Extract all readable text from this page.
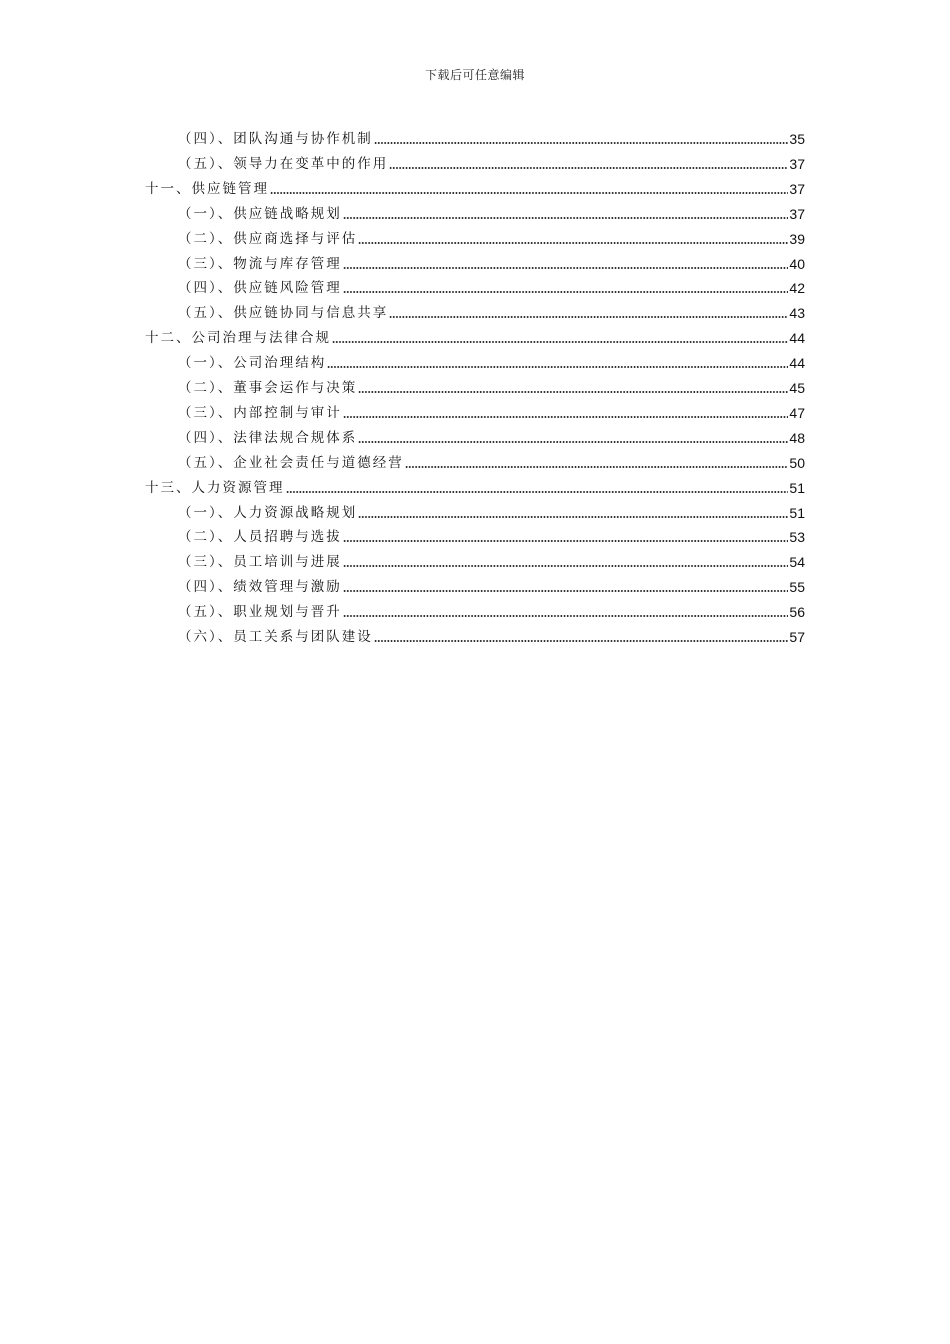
下载后可任意编辑
（四）、团队沟通与协作机制	35
（五）、领导力在变革中的作用	37
十一、供应链管理	37
（一）、供应链战略规划	37
（二）、供应商选择与评估	39
（三）、物流与库存管理	40
（四）、供应链风险管理	42
（五）、供应链协同与信息共享	43
十二、公司治理与法律合规	44
（一）、公司治理结构	44
（二）、董事会运作与决策	45
（三）、内部控制与审计	47
（四）、法律法规合规体系	48
（五）、企业社会责任与道德经营	50
十三、人力资源管理	51
（一）、人力资源战略规划	51
（二）、人员招聘与选拔	53
（三）、员工培训与进展	54
（四）、绩效管理与激励	55
（五）、职业规划与晋升	56
（六）、员工关系与团队建设	57
